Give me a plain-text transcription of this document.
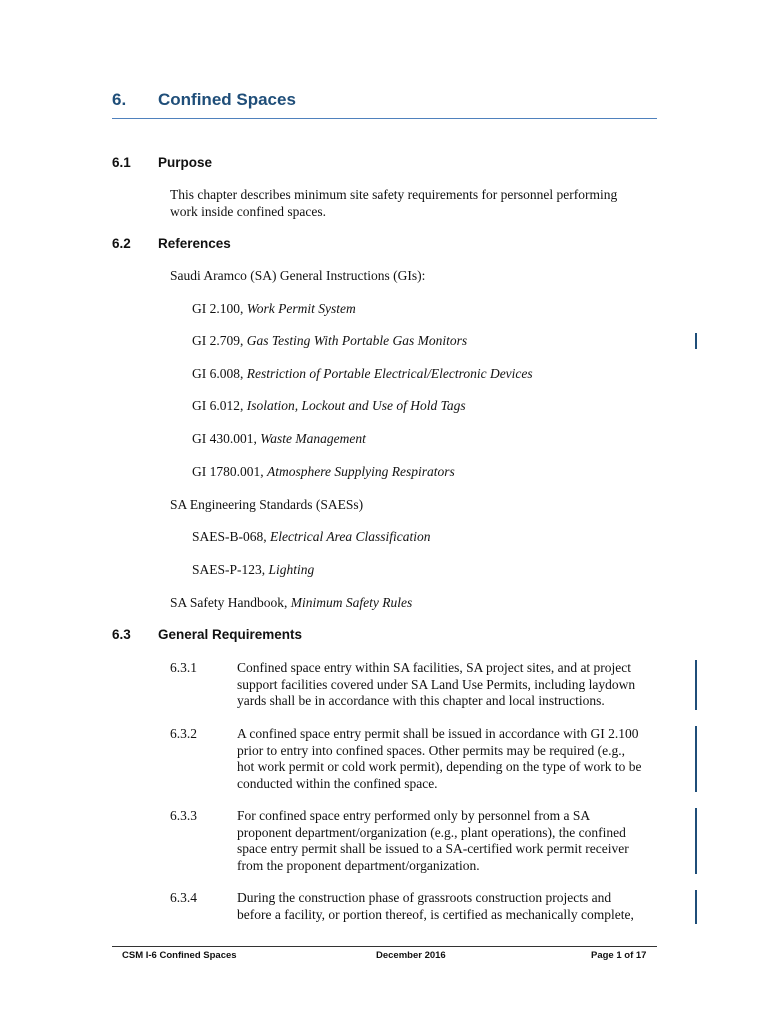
6. Confined Spaces
6.1 Purpose
This chapter describes minimum site safety requirements for personnel performing
work inside confined spaces.
6.2 References
Saudi Aramco (SA) General Instructions (GIs):
GI 2.100, Work Permit System
GI 2.709, Gas Testing With Portable Gas Monitors
GI 6.008, Restriction of Portable Electrical/Electronic Devices
GI 6.012, Isolation, Lockout and Use of Hold Tags
GI 430.001, Waste Management
GI 1780.001, Atmosphere Supplying Respirators
SA Engineering Standards (SAESs)
SAES-B-068, Electrical Area Classification
SAES-P-123, Lighting
SA Safety Handbook, Minimum Safety Rules
6.3 General Requirements
6.3.1	Confined space entry within SA facilities, SA project sites, and at project
support facilities covered under SA Land Use Permits, including laydown
yards shall be in accordance with this chapter and local instructions.
6.3.2	A confined space entry permit shall be issued in accordance with GI 2.100
prior to entry into confined spaces. Other permits may be required (e.g.,
hot work permit or cold work permit), depending on the type of work to be
conducted within the confined space.
6.3.3	For confined space entry performed only by personnel from a SA
proponent department/organization (e.g., plant operations), the confined
space entry permit shall be issued to a SA-certified work permit receiver
from the proponent department/organization.
6.3.4	During the construction phase of grassroots construction projects and
before a facility, or portion thereof, is certified as mechanically complete,
CSM I-6 Confined Spaces	December 2016	Page 1 of 17
